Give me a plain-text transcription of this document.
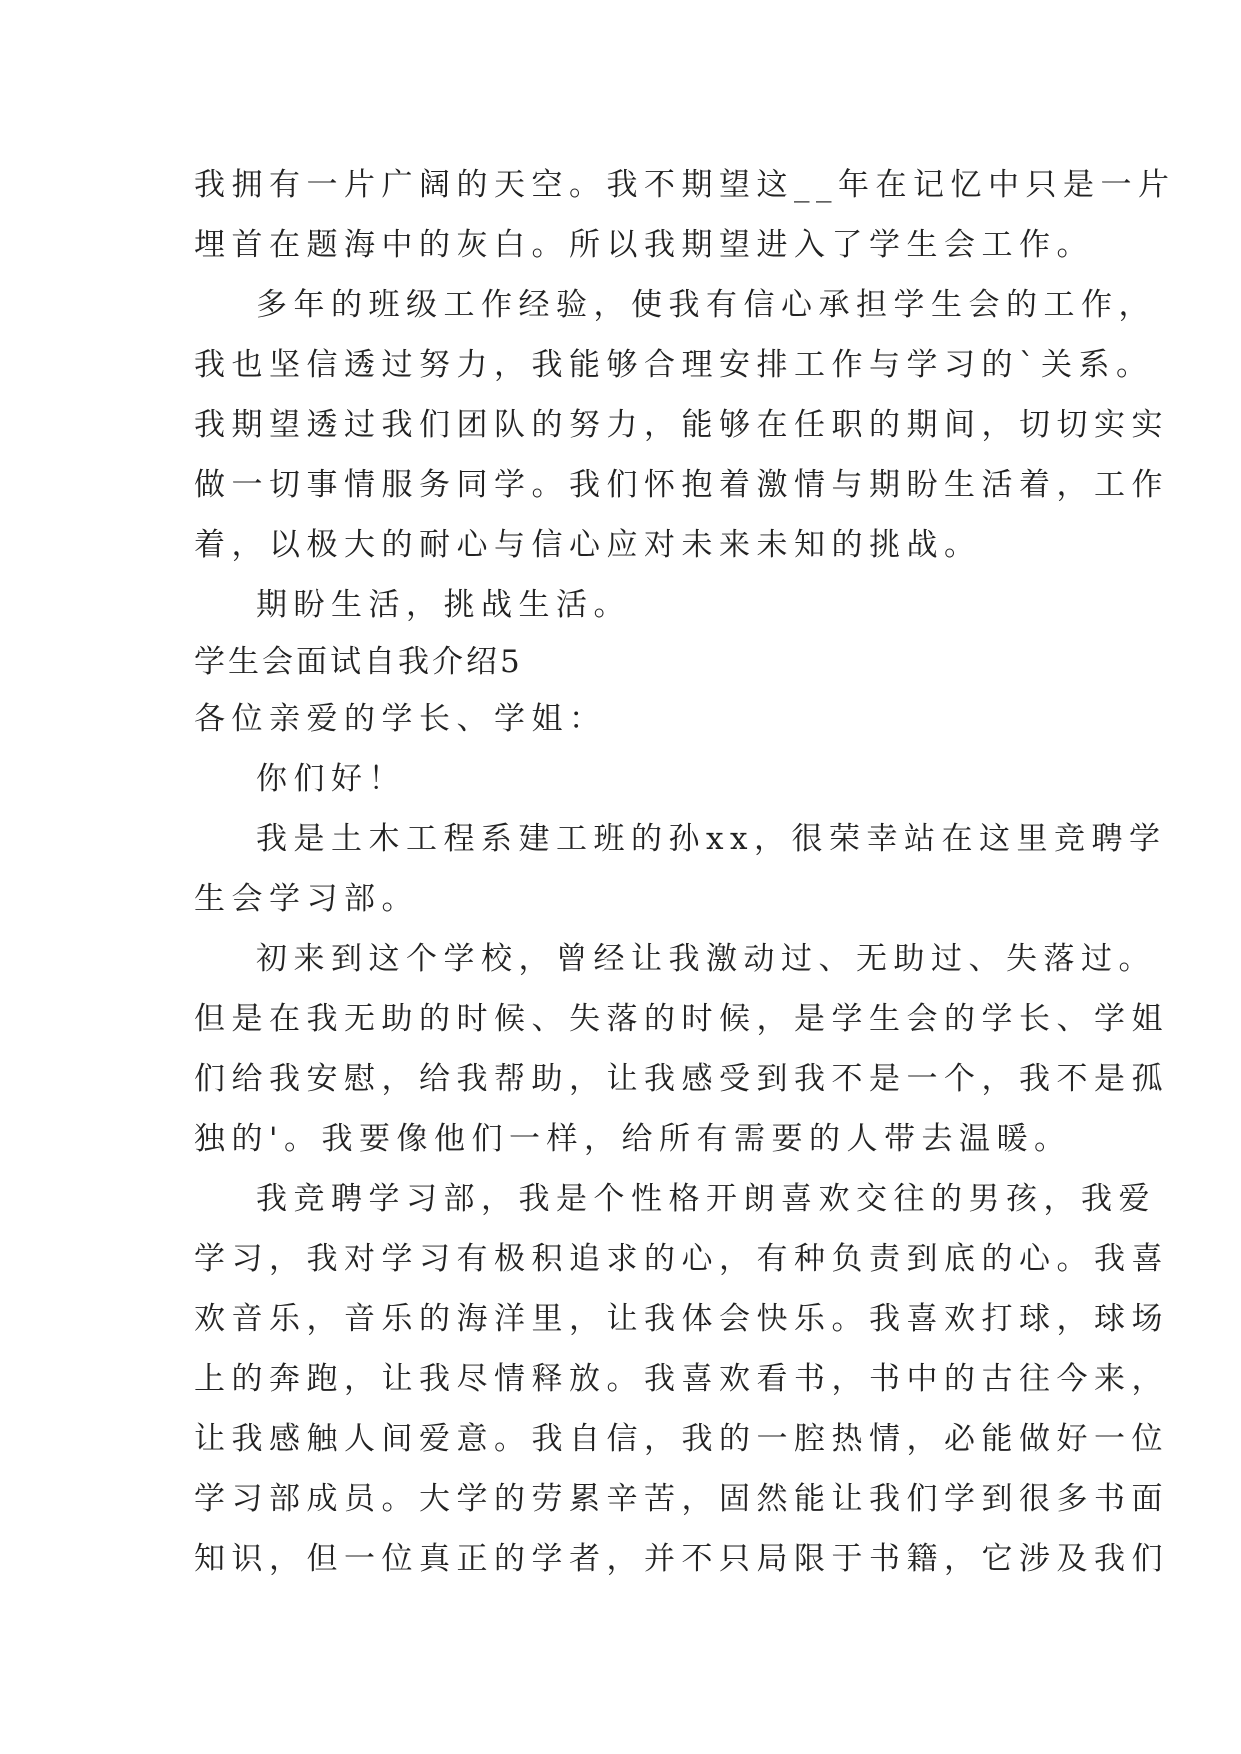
我拥有一片广阔的天空。我不期望这__年在记忆中只是一片
埋首在题海中的灰白。所以我期望进入了学生会工作。
多年的班级工作经验，使我有信心承担学生会的工作，
我也坚信透过努力，我能够合理安排工作与学习的`关系。
我期望透过我们团队的努力，能够在任职的期间，切切实实
做一切事情服务同学。我们怀抱着激情与期盼生活着，工作
着，以极大的耐心与信心应对未来未知的挑战。
期盼生活，挑战生活。
学生会面试自我介绍5
各位亲爱的学长、学姐：
你们好！
我是土木工程系建工班的孙xx，很荣幸站在这里竞聘学
生会学习部。
初来到这个学校，曾经让我激动过、无助过、失落过。
但是在我无助的时候、失落的时候，是学生会的学长、学姐
们给我安慰，给我帮助，让我感受到我不是一个，我不是孤
独的'。我要像他们一样，给所有需要的人带去温暖。
我竞聘学习部，我是个性格开朗喜欢交往的男孩，我爱
学习，我对学习有极积追求的心，有种负责到底的心。我喜
欢音乐，音乐的海洋里，让我体会快乐。我喜欢打球，球场
上的奔跑，让我尽情释放。我喜欢看书，书中的古往今来，
让我感触人间爱意。我自信，我的一腔热情，必能做好一位
学习部成员。大学的劳累辛苦，固然能让我们学到很多书面
知识，但一位真正的学者，并不只局限于书籍，它涉及我们
